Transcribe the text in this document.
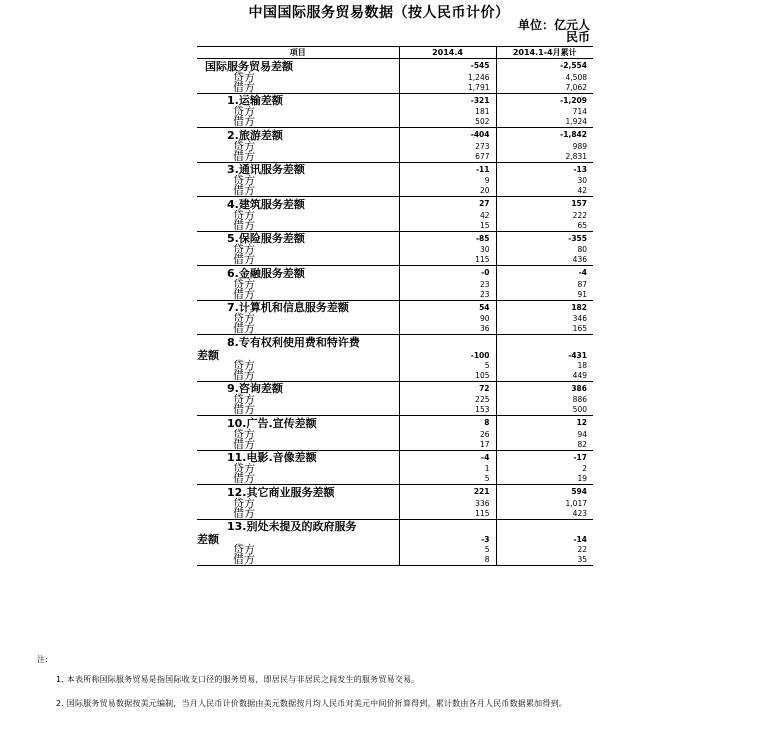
中国国际服务贸易数据（按人民币计价）
单位：亿元人
民币
项目	2014.4	2014.1-4月累计
国际服务贸易差额	-545	-2,554
贷方	1,246	4,508
借方	1,791	7,062
1.运输差额	-321	-1,209
贷方	181	714
借方	502	1,924
2.旅游差额	-404	-1,842
贷方	273	989
借方	677	2,831
3.通讯服务差额	-11	-13
贷方	9	30
借方	20	42
4.建筑服务差额	27	157
贷方	42	222
借方	15	65
5.保险服务差额	-85	-355
贷方	30	80
借方	115	436
6.金融服务差额	-0	-4
贷方	23	87
借方	23	91
7.计算机和信息服务差额	54	182
贷方	90	346
借方	36	165
8.专有权利使用费和特许费		
差额	-100	-431
贷方	5	18
借方	105	449
9.咨询差额	72	386
贷方	225	886
借方	153	500
10.广告.宣传差额	8	12
贷方	26	94
借方	17	82
11.电影.音像差额	-4	-17
贷方	1	2
借方	5	19
12.其它商业服务差额	221	594
贷方	336	1,017
借方	115	423
13.别处未提及的政府服务		
差额	-3	-14
贷方	5	22
借方	8	35
注:
1. 本表所称国际服务贸易是指国际收支口径的服务贸易，即居民与非居民之间发生的服务贸易交易。
2. 国际服务贸易数据按美元编制，当月人民币计价数据由美元数据按月均人民币对美元中间价折算得到，累计数由各月人民币数据累加得到。
